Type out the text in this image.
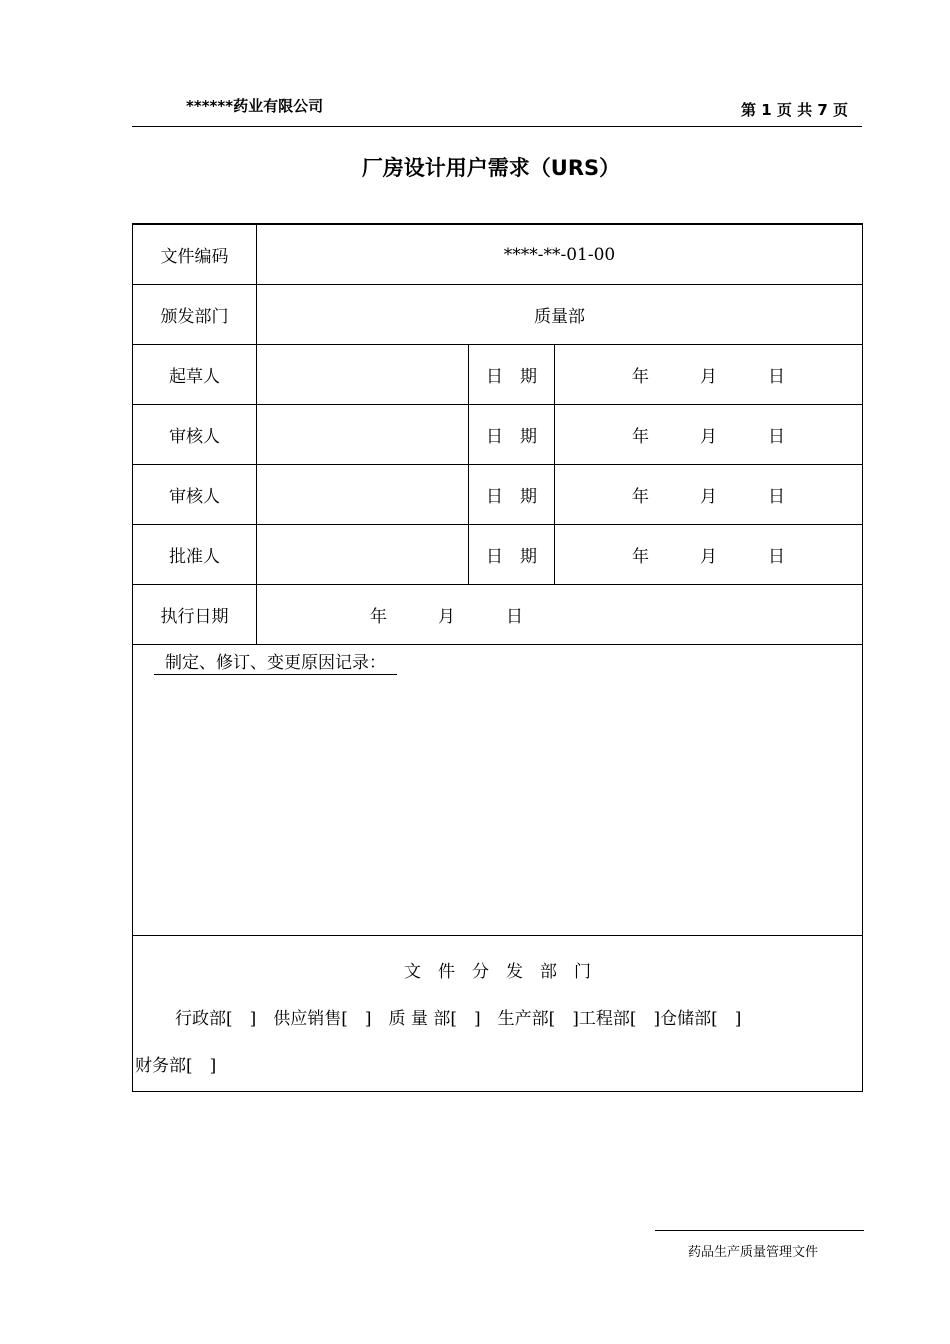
******药业有限公司	第 1 页 共 7 页
厂房设计用户需求（URS）
文件编码	****-**-01-00		
颁发部门	质量部		
起草人		日　期	年　　　月　　　日
审核人		日　期	年　　　月　　　日
审核人		日　期	年　　　月　　　日
批准人		日　期	年　　　月　　　日
执行日期	年　　　月　　　日		
制定、修订、变更原因记录：			

文　件　分　发　部　门
行政部[　]　供应销售[　]　质 量 部[　]　生产部[　]工程部[　]仓储部[　]
财务部[　]			
药品生产质量管理文件
